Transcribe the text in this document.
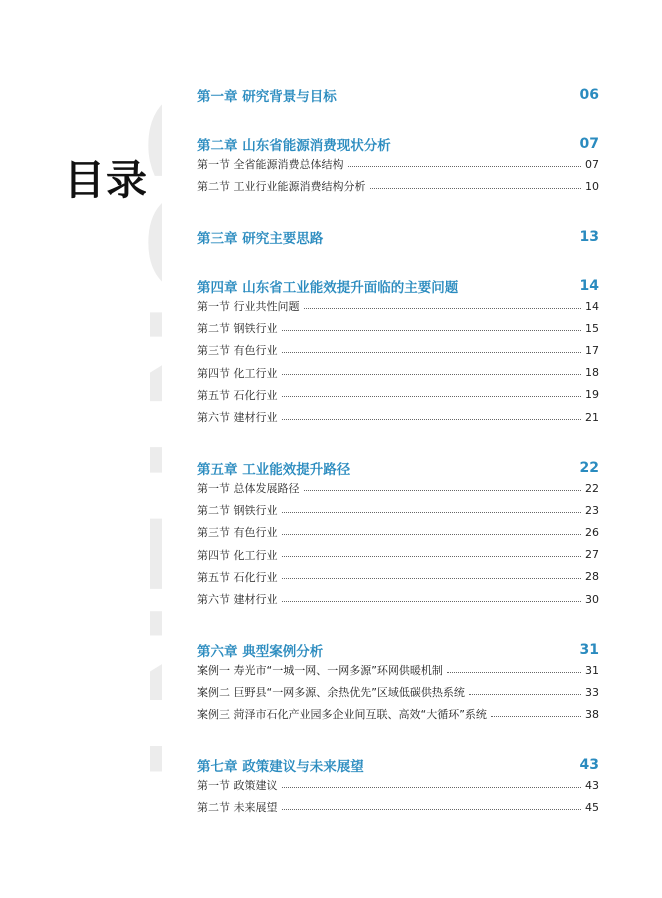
CONTENT
目录
第一章 研究背景与目标	06
第二章 山东省能源消费现状分析	07
第一节 全省能源消费总体结构	07
第二节 工业行业能源消费结构分析	10
第三章 研究主要思路	13
第四章 山东省工业能效提升面临的主要问题	14
第一节 行业共性问题	14
第二节 钢铁行业	15
第三节 有色行业	17
第四节 化工行业	18
第五节 石化行业	19
第六节 建材行业	21
第五章 工业能效提升路径	22
第一节 总体发展路径	22
第二节 钢铁行业	23
第三节 有色行业	26
第四节 化工行业	27
第五节 石化行业	28
第六节 建材行业	30
第六章 典型案例分析	31
案例一 寿光市“一城一网、一网多源”环网供暖机制	31
案例二 巨野县“一网多源、余热优先”区域低碳供热系统	33
案例三 菏泽市石化产业园多企业间互联、高效“大循环”系统	38
第七章 政策建议与未来展望	43
第一节 政策建议	43
第二节 未来展望	45
